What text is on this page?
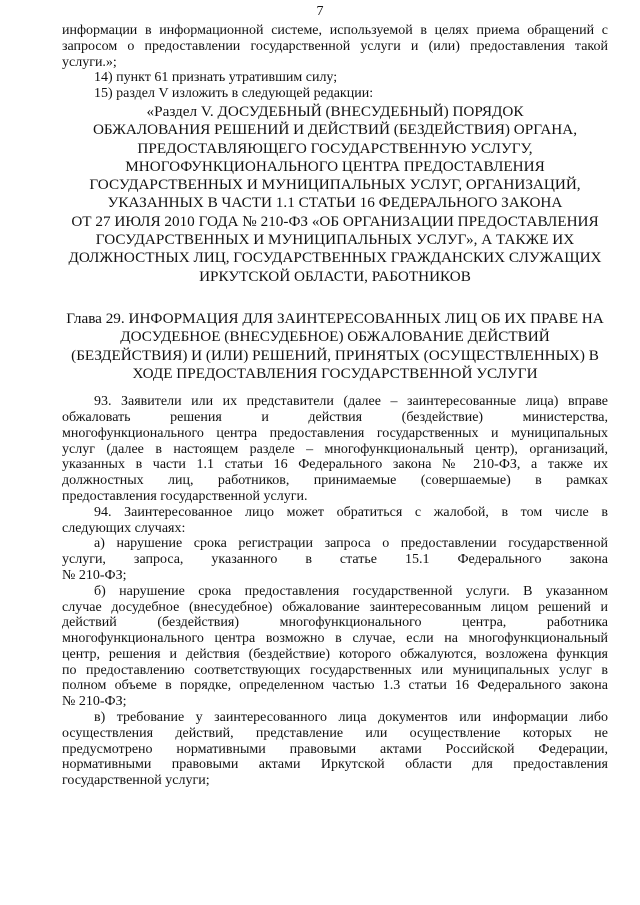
7

информации в информационной системе, используемой в целях приема обращений с

запросом о предоставлении государственной услуги и (или) предоставления такой

услуги.»;

14) пункт 61 признать утратившим силу;

15) раздел V изложить в следующей редакции:

«Раздел V. ДОСУДЕБНЫЙ (ВНЕСУДЕБНЫЙ) ПОРЯДОК

ОБЖАЛОВАНИЯ РЕШЕНИЙ И ДЕЙСТВИЙ (БЕЗДЕЙСТВИЯ) ОРГАНА,

ПРЕДОСТАВЛЯЮЩЕГО ГОСУДАРСТВЕННУЮ УСЛУГУ,

МНОГОФУНКЦИОНАЛЬНОГО ЦЕНТРА ПРЕДОСТАВЛЕНИЯ

ГОСУДАРСТВЕННЫХ И МУНИЦИПАЛЬНЫХ УСЛУГ, ОРГАНИЗАЦИЙ,

УКАЗАННЫХ В ЧАСТИ 1.1 СТАТЬИ 16 ФЕДЕРАЛЬНОГО ЗАКОНА

ОТ 27 ИЮЛЯ 2010 ГОДА № 210-ФЗ «ОБ ОРГАНИЗАЦИИ ПРЕДОСТАВЛЕНИЯ

ГОСУДАРСТВЕННЫХ И МУНИЦИПАЛЬНЫХ УСЛУГ», А ТАКЖЕ ИХ

ДОЛЖНОСТНЫХ ЛИЦ, ГОСУДАРСТВЕННЫХ ГРАЖДАНСКИХ СЛУЖАЩИХ

ИРКУТСКОЙ ОБЛАСТИ, РАБОТНИКОВ

Глава 29. ИНФОРМАЦИЯ ДЛЯ ЗАИНТЕРЕСОВАННЫХ ЛИЦ ОБ ИХ ПРАВЕ НА

ДОСУДЕБНОЕ (ВНЕСУДЕБНОЕ) ОБЖАЛОВАНИЕ ДЕЙСТВИЙ

(БЕЗДЕЙСТВИЯ) И (ИЛИ) РЕШЕНИЙ, ПРИНЯТЫХ (ОСУЩЕСТВЛЕННЫХ) В

ХОДЕ ПРЕДОСТАВЛЕНИЯ ГОСУДАРСТВЕННОЙ УСЛУГИ

93. Заявители или их представители (далее – заинтересованные лица) вправе

обжаловать решения и действия (бездействие) министерства,

многофункционального центра предоставления государственных и муниципальных

услуг (далее в настоящем разделе – многофункциональный центр), организаций,

указанных в части 1.1 статьи 16 Федерального закона № 210-ФЗ, а также их

должностных лиц, работников, принимаемые (совершаемые) в рамках

предоставления государственной услуги.

94. Заинтересованное лицо может обратиться с жалобой, в том числе в

следующих случаях:

а) нарушение срока регистрации запроса о предоставлении государственной

услуги, запроса, указанного в статье 15.1 Федерального закона

№ 210-ФЗ;

б) нарушение срока предоставления государственной услуги. В указанном

случае досудебное (внесудебное) обжалование заинтересованным лицом решений и

действий (бездействия) многофункционального центра, работника

многофункционального центра возможно в случае, если на многофункциональный

центр, решения и действия (бездействие) которого обжалуются, возложена функция

по предоставлению соответствующих государственных или муниципальных услуг в

полном объеме в порядке, определенном частью 1.3 статьи 16 Федерального закона

№ 210-ФЗ;

в) требование у заинтересованного лица документов или информации либо

осуществления действий, представление или осуществление которых не

предусмотрено нормативными правовыми актами Российской Федерации,

нормативными правовыми актами Иркутской области для предоставления

государственной услуги;
